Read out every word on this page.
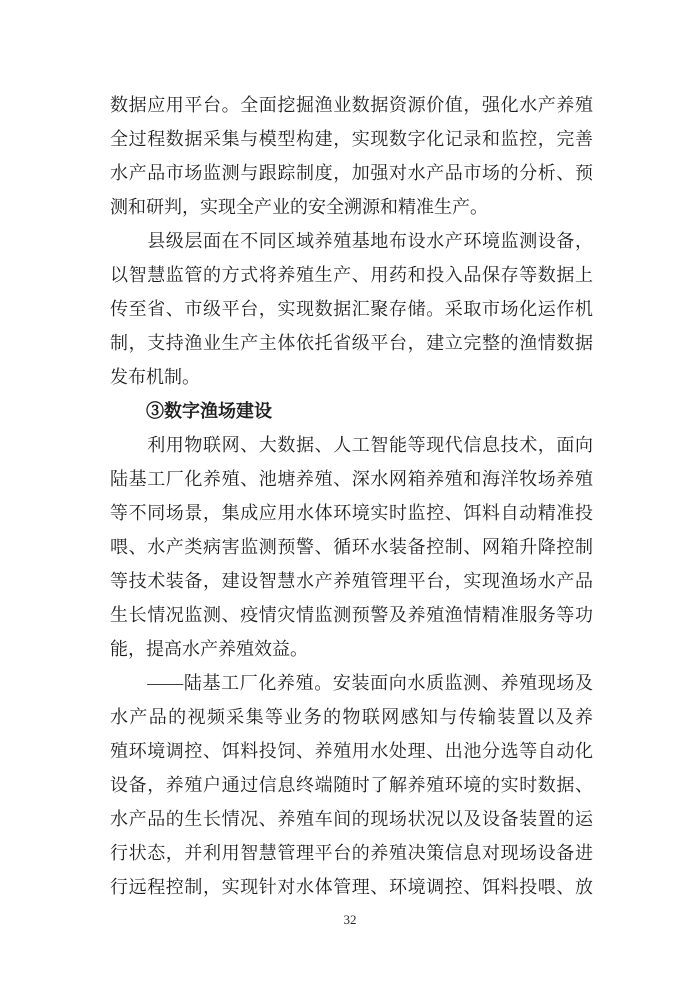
数据应用平台。全面挖掘渔业数据资源价值，强化水产养殖
全过程数据采集与模型构建，实现数字化记录和监控，完善
水产品市场监测与跟踪制度，加强对水产品市场的分析、预
测和研判，实现全产业的安全溯源和精准生产。
　　县级层面在不同区域养殖基地布设水产环境监测设备，
以智慧监管的方式将养殖生产、用药和投入品保存等数据上
传至省、市级平台，实现数据汇聚存储。采取市场化运作机
制，支持渔业生产主体依托省级平台，建立完整的渔情数据
发布机制。
　　③数字渔场建设
　　利用物联网、大数据、人工智能等现代信息技术，面向
陆基工厂化养殖、池塘养殖、深水网箱养殖和海洋牧场养殖
等不同场景，集成应用水体环境实时监控、饵料自动精准投
喂、水产类病害监测预警、循环水装备控制、网箱升降控制
等技术装备，建设智慧水产养殖管理平台，实现渔场水产品
生长情况监测、疫情灾情监测预警及养殖渔情精准服务等功
能，提高水产养殖效益。
　　——陆基工厂化养殖。安装面向水质监测、养殖现场及
水产品的视频采集等业务的物联网感知与传输装置以及养
殖环境调控、饵料投饲、养殖用水处理、出池分选等自动化
设备，养殖户通过信息终端随时了解养殖环境的实时数据、
水产品的生长情况、养殖车间的现场状况以及设备装置的运
行状态，并利用智慧管理平台的养殖决策信息对现场设备进
行远程控制，实现针对水体管理、环境调控、饵料投喂、放
32
